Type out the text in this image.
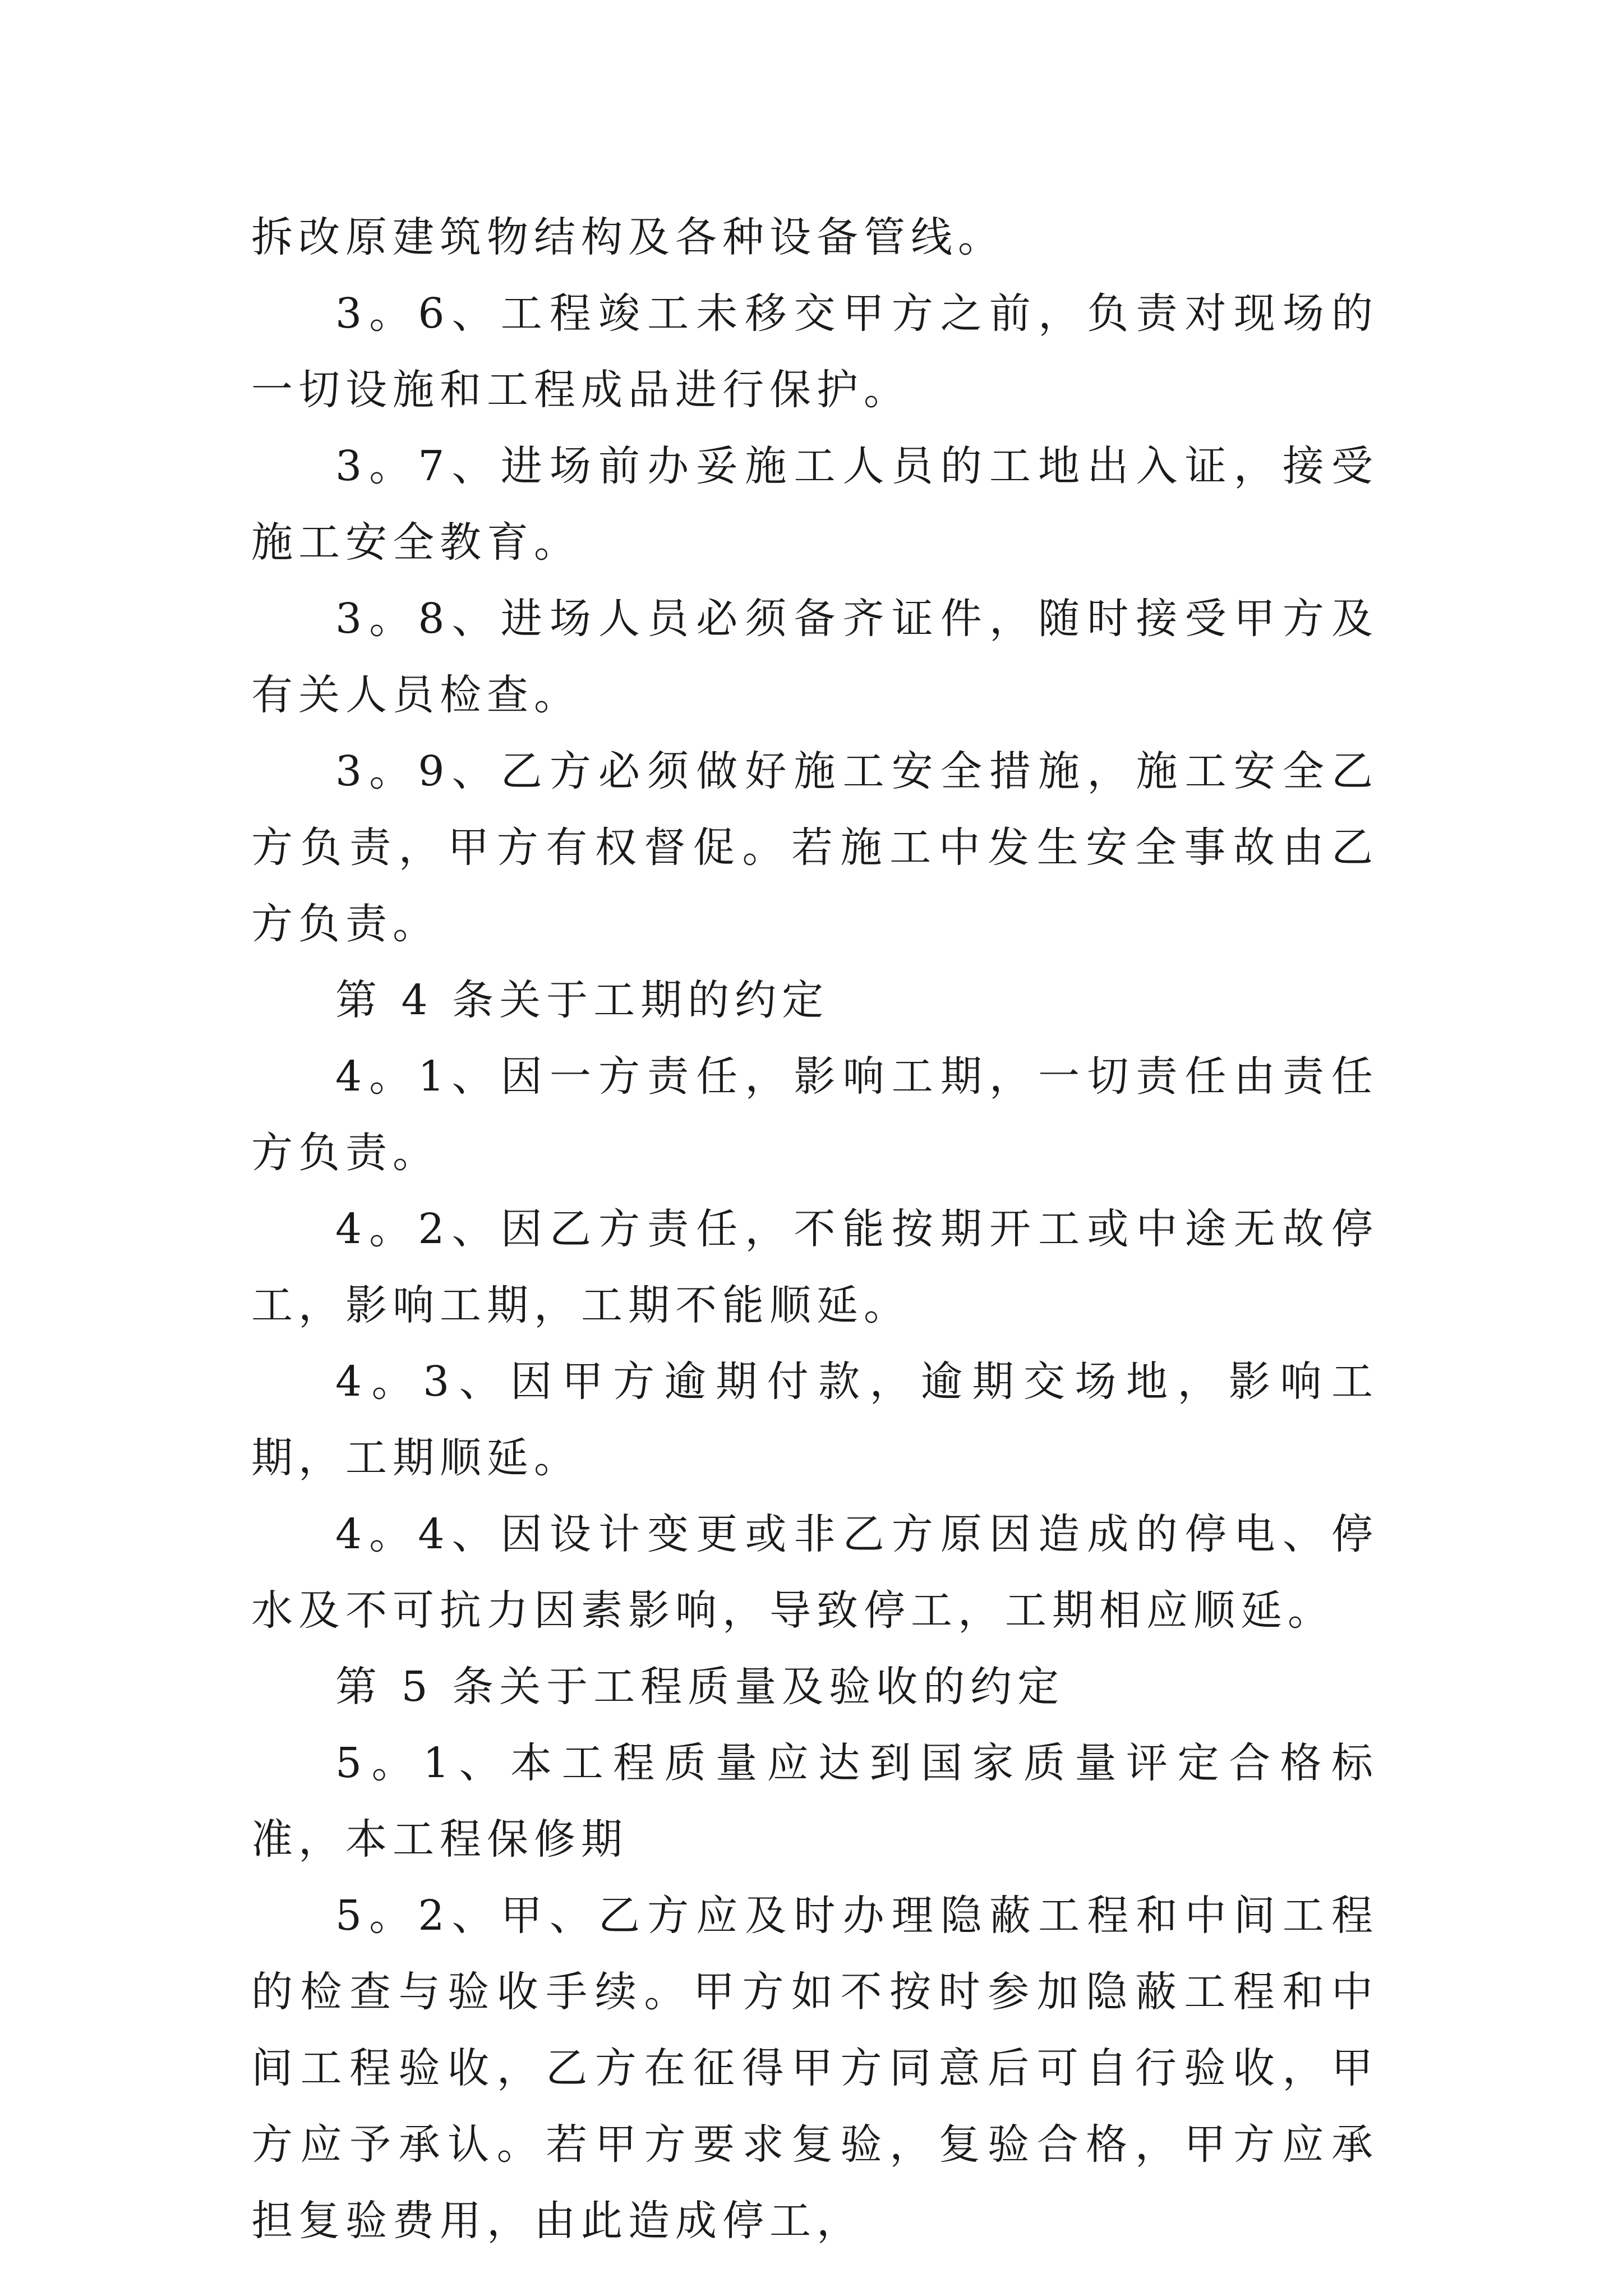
拆改原建筑物结构及各种设备管线。

3。6、工程竣工未移交甲方之前，负责对现场的一切设施和工程成品进行保护。

3。7、进场前办妥施工人员的工地出入证，接受施工安全教育。

3。8、进场人员必须备齐证件，随时接受甲方及有关人员检查。

3。9、乙方必须做好施工安全措施，施工安全乙方负责，甲方有权督促。若施工中发生安全事故由乙方负责。

第 4 条关于工期的约定

4。1、因一方责任，影响工期，一切责任由责任方负责。

4。2、因乙方责任，不能按期开工或中途无故停工，影响工期，工期不能顺延。

4。3、因甲方逾期付款，逾期交场地，影响工期，工期顺延。

4。4、因设计变更或非乙方原因造成的停电、停水及不可抗力因素影响，导致停工，工期相应顺延。

第 5 条关于工程质量及验收的约定

5。1、本工程质量应达到国家质量评定合格标准，本工程保修期

5。2、甲、乙方应及时办理隐蔽工程和中间工程的检查与验收手续。甲方如不按时参加隐蔽工程和中间工程验收，乙方在征得甲方同意后可自行验收，甲方应予承认。若甲方要求复验，复验合格，甲方应承担复验费用，由此造成停工，
